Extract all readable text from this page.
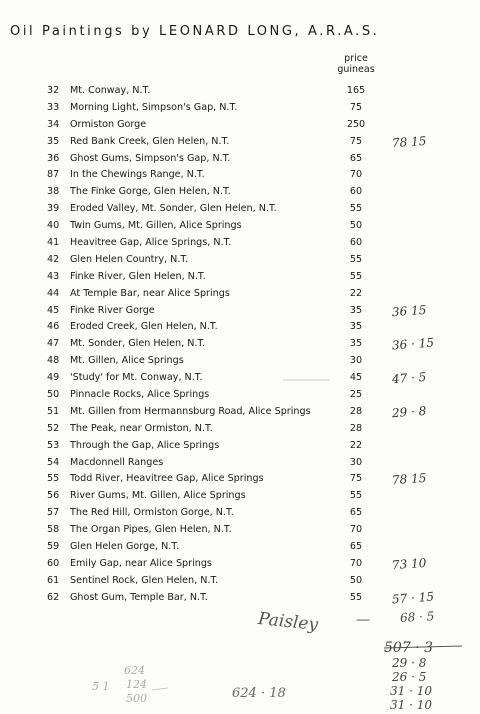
Oil Paintings by LEONARD LONG, A.R.A.S.
price
guineas
32 Mt. Conway, N.T.	165
33 Morning Light, Simpson's Gap, N.T.	75
34 Ormiston Gorge	250
35 Red Bank Creek, Glen Helen, N.T.	75	78 15
36 Ghost Gums, Simpson's Gap, N.T.	65
87 In the Chewings Range, N.T.	70
38 The Finke Gorge, Glen Helen, N.T.	60
39 Eroded Valley, Mt. Sonder, Glen Helen, N.T.	55
40 Twin Gums, Mt. Gillen, Alice Springs	50
41 Heavitree Gap, Alice Springs, N.T.	60
42 Glen Helen Country, N.T.	55
43 Finke River, Glen Helen, N.T.	55
44 At Temple Bar, near Alice Springs	22
45 Finke River Gorge	35	36 15
46 Eroded Creek, Glen Helen, N.T.	35
47 Mt. Sonder, Glen Helen, N.T.	35	36 · 15
48 Mt. Gillen, Alice Springs	30
49 'Study' for Mt. Conway, N.T.	45	47 · 5
50 Pinnacle Rocks, Alice Springs	25
51 Mt. Gillen from Hermannsburg Road, Alice Springs	28	29 · 8
52 The Peak, near Ormiston, N.T.	28
53 Through the Gap, Alice Springs	22
54 Macdonnell Ranges	30
55 Todd River, Heavitree Gap, Alice Springs	75	78 15
56 River Gums, Mt. Gillen, Alice Springs	55
57 The Red Hill, Ormiston Gorge, N.T.	65
58 The Organ Pipes, Glen Helen, N.T.	70
59 Glen Helen Gorge, N.T.	65
60 Emily Gap, near Alice Springs	70	73 10
61 Sentinel Rock, Glen Helen, N.T.	50
62 Ghost Gum, Temple Bar, N.T.	55	57 · 15
Paisley	— 68 · 5
507 · 3
29 · 8
26 · 5
31 · 10
31 · 10
5 1
624
124
500	624 · 18
